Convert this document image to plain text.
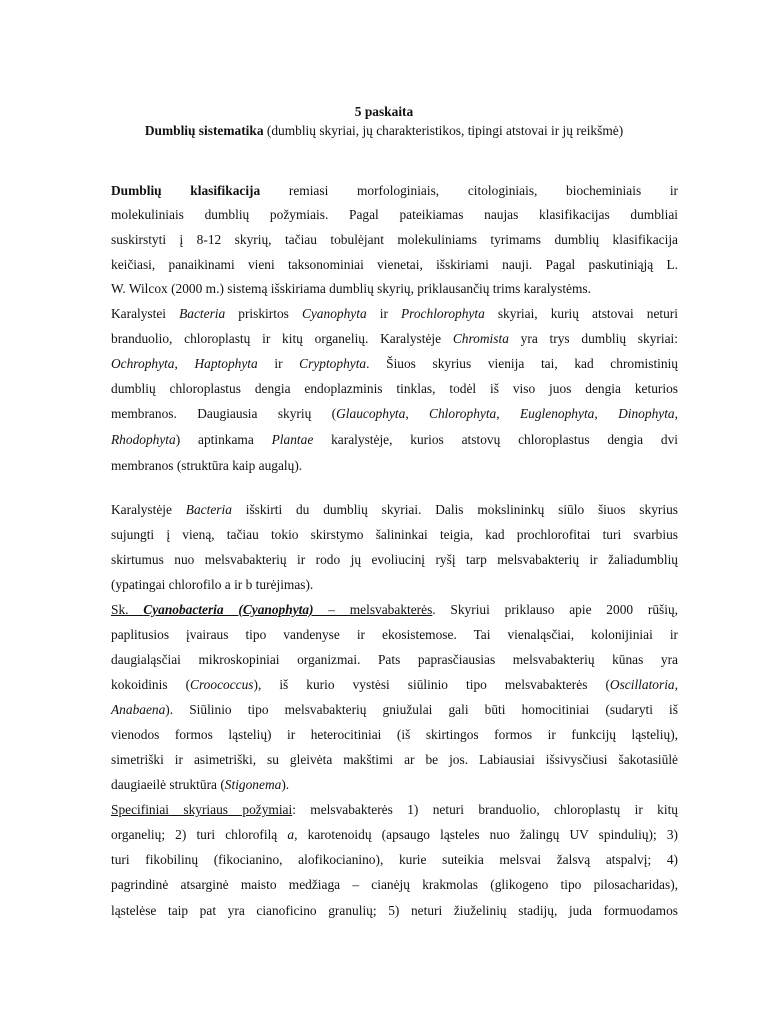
5 paskaita
Dumblių sistematika (dumblių skyriai, jų charakteristikos, tipingi atstovai ir jų reikšmė)
Dumblių klasifikacija remiasi morfologiniais, citologiniais, biocheminiais ir
molekuliniais dumblių požymiais. Pagal pateikiamas naujas klasifikacijas dumbliai
suskirstyti į 8-12 skyrių, tačiau tobulėjant molekuliniams tyrimams dumblių klasifikacija
keičiasi, panaikinami vieni taksonominiai vienetai, išskiriami nauji. Pagal paskutiniąją L.
W. Wilcox (2000 m.) sistemą išskiriama dumblių skyrių, priklausančių trims karalystėms.
Karalystei Bacteria priskirtos Cyanophyta ir Prochlorophyta skyriai, kurių atstovai neturi
branduolio, chloroplastų ir kitų organelių. Karalystėje Chromista yra trys dumblių skyriai:
Ochrophyta, Haptophyta ir Cryptophyta. Šiuos skyrius vienija tai, kad chromistinių
dumblių chloroplastus dengia endoplazminis tinklas, todėl iš viso juos dengia keturios
membranos. Daugiausia skyrių (Glaucophyta, Chlorophyta, Euglenophyta, Dinophyta,
Rhodophyta) aptinkama Plantae karalystėje, kurios atstovų chloroplastus dengia dvi
membranos (struktūra kaip augalų).
Karalystėje Bacteria išskirti du dumblių skyriai. Dalis mokslininkų siūlo šiuos skyrius
sujungti į vieną, tačiau tokio skirstymo šalininkai teigia, kad prochlorofitai turi svarbius
skirtumus nuo melsvabakterių ir rodo jų evoliucinį ryšį tarp melsvabakterių ir žaliadumblių
(ypatingai chlorofilo a ir b turėjimas).
Sk. Cyanobacteria (Cyanophyta) – melsvabakterės. Skyriui priklauso apie 2000 rūšių,
paplitusios įvairaus tipo vandenyse ir ekosistemose. Tai vienaląsčiai, kolonijiniai ir
daugialąsčiai mikroskopiniai organizmai. Pats paprasčiausias melsvabakterių kūnas yra
kokoidinis (Croococcus), iš kurio vystėsi siūlinio tipo melsvabakterės (Oscillatoria,
Anabaena). Siūlinio tipo melsvabakterių gniužulai gali būti homocitiniai (sudaryti iš
vienodos formos ląstelių) ir heterocitiniai (iš skirtingos formos ir funkcijų ląstelių),
simetriški ir asimetriški, su gleivėta makštimi ar be jos. Labiausiai išsivysčiusi šakotasiūlė
daugiaeilė struktūra (Stigonema).
Specifiniai skyriaus požymiai: melsvabakterės 1) neturi branduolio, chloroplastų ir kitų
organelių; 2) turi chlorofilą a, karotenoidų (apsaugo ląsteles nuo žalingų UV spindulių); 3)
turi fikobilinų (fikocianino, alofikocianino), kurie suteikia melsvai žalsvą atspalvį; 4)
pagrindinė atsarginė maisto medžiaga – cianėjų krakmolas (glikogeno tipo pilosacharidas),
ląstelėse taip pat yra cianoficino granulių; 5) neturi žiuželinių stadijų, juda formuodamos
